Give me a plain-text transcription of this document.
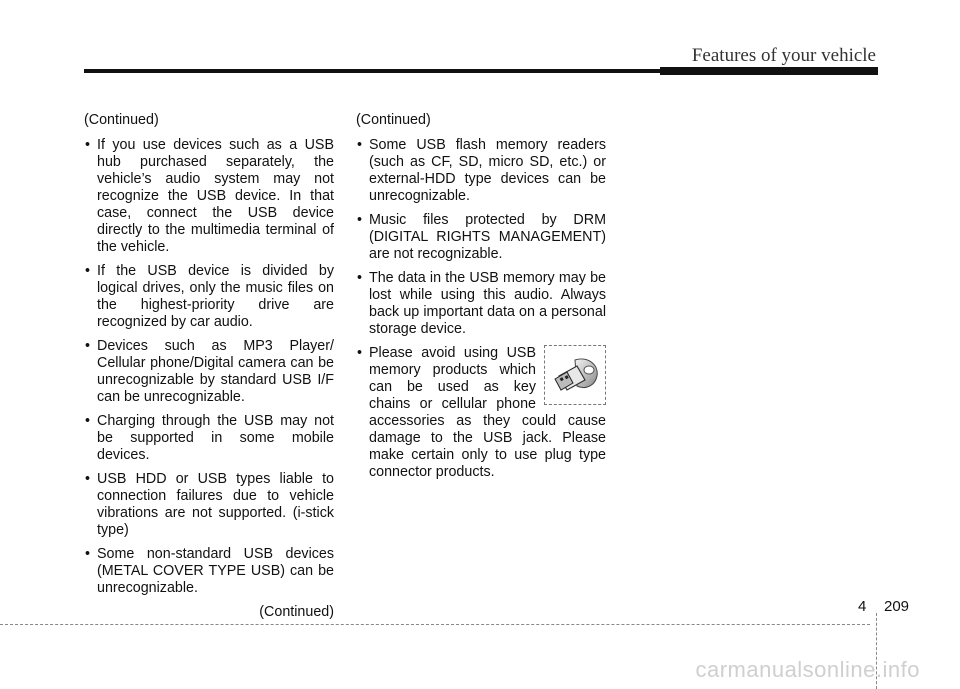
Features of your vehicle
(Continued)
• If you use devices such as a USB hub purchased separately, the vehicle’s audio system may not recognize the USB device. In that case, connect the USB device directly to the multimedia terminal of the vehicle.
• If the USB device is divided by logical drives, only the music files on the highest-priority drive are recognized by car audio.
• Devices such as MP3 Player/ Cellular phone/Digital camera can be unrecognizable by standard USB I/F can be unrecognizable.
• Charging through the USB may not be supported in some mobile devices.
• USB HDD or USB types liable to connection failures due to vehicle vibrations are not supported. (i-stick type)
• Some non-standard USB devices (METAL COVER TYPE USB) can be unrecognizable.
(Continued)
(Continued)
• Some USB flash memory readers (such as CF, SD, micro SD, etc.) or external-HDD type devices can be unrecognizable.
• Music files protected by DRM (DIGITAL RIGHTS MANAGEMENT) are not recognizable.
• The data in the USB memory may be lost while using this audio. Always back up important data on a personal storage device.
• Please avoid using USB memory products which can be used as key chains or cellular phone accessories as they could cause damage to the USB jack. Please make certain only to use plug type connector products.
4 209
carmanualsonline.info
